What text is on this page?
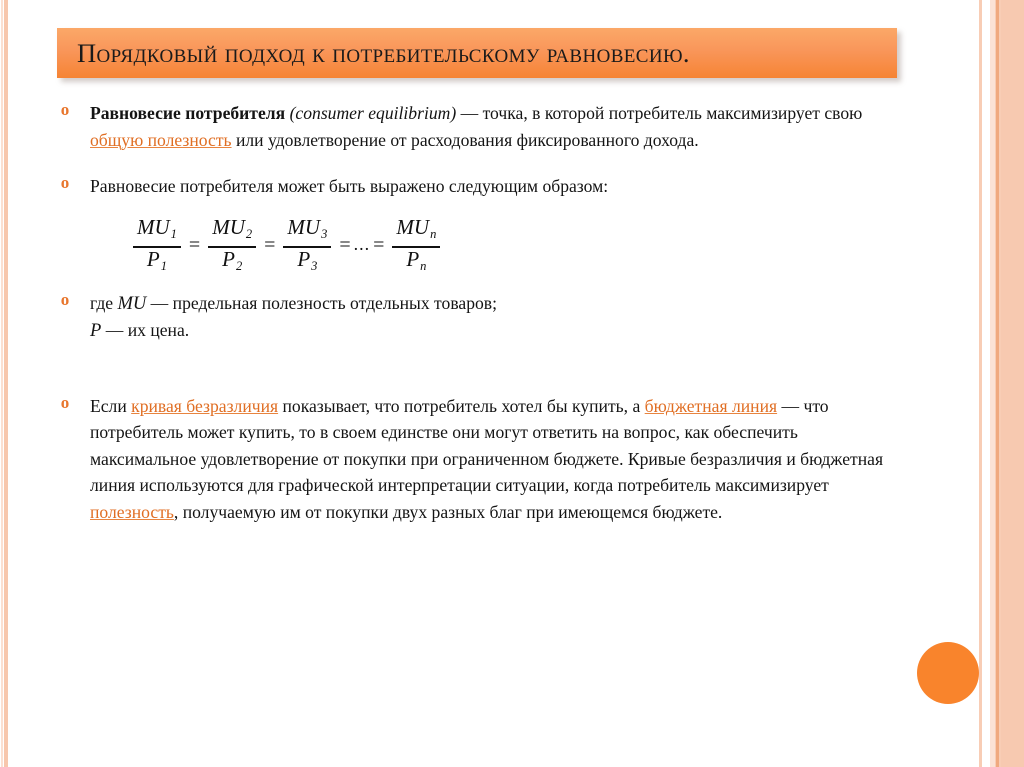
Порядковый подход к потребительскому равновесию.
o Равновесие потребителя (consumer equilibrium) — точка, в которой потребитель максимизирует свою общую полезность или удовлетворение от расходования фиксированного дохода.
o Равновесие потребителя может быть выражено следующим образом:
$\frac{MU_1}{P_1} = \frac{MU_2}{P_2} = \frac{MU_3}{P_3}$ = ... = $\frac{MU_n}{P_n}$
o где MU — предельная полезность отдельных товаров;
P — их цена.
o Если кривая безразличия показывает, что потребитель хотел бы купить, а бюджетная линия — что потребитель может купить, то в своем единстве они могут ответить на вопрос, как обеспечить максимальное удовлетворение от покупки при ограниченном бюджете. Кривые безразличия и бюджетная линия используются для графической интерпретации ситуации, когда потребитель максимизирует полезность, получаемую им от покупки двух разных благ при имеющемся бюджете.
